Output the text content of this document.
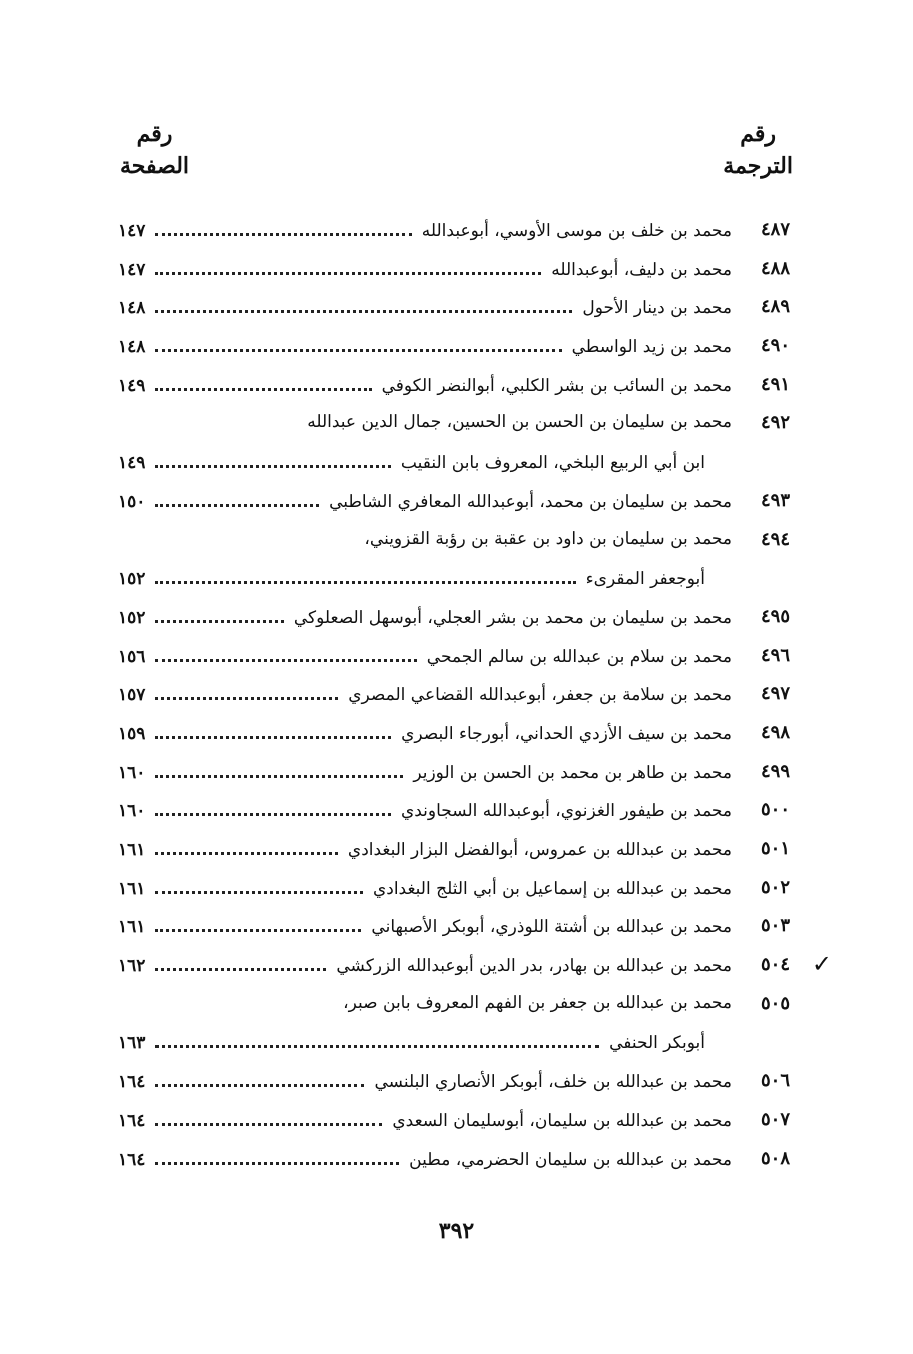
رقم
الترجمة
رقم
الصفحة
٤٨٧
محمد بن خلف بن موسى الأوسي، أبوعبدالله
١٤٧
٤٨٨
محمد بن دليف، أبوعبدالله
١٤٧
٤٨٩
محمد بن دينار الأحول
١٤٨
٤٩٠
محمد بن زيد الواسطي
١٤٨
٤٩١
محمد بن السائب بن بشر الكلبي، أبوالنضر الكوفي
١٤٩
٤٩٢
محمد بن سليمان بن الحسن بن الحسين، جمال الدين عبدالله
ابن أبي الربيع البلخي، المعروف بابن النقيب
١٤٩
٤٩٣
محمد بن سليمان بن محمد، أبوعبدالله المعافري الشاطبي
١٥٠
٤٩٤
محمد بن سليمان بن داود بن عقبة بن رؤبة القزويني،
أبوجعفر المقرىء
١٥٢
٤٩٥
محمد بن سليمان بن محمد بن بشر العجلي، أبوسهل الصعلوكي
١٥٢
٤٩٦
محمد بن سلام بن عبدالله بن سالم الجمحي
١٥٦
٤٩٧
محمد بن سلامة بن جعفر، أبوعبدالله القضاعي المصري
١٥٧
٤٩٨
محمد بن سيف الأزدي الحداني، أبورجاء البصري
١٥٩
٤٩٩
محمد بن طاهر بن محمد بن الحسن بن الوزير
١٦٠
٥٠٠
محمد بن طيفور الغزنوي، أبوعبدالله السجاوندي
١٦٠
٥٠١
محمد بن عبدالله بن عمروس، أبوالفضل البزار البغدادي
١٦١
٥٠٢
محمد بن عبدالله بن إسماعيل بن أبي الثلج البغدادي
١٦١
٥٠٣
محمد بن عبدالله بن أشتة اللوذري، أبوبكر الأصبهاني
١٦١
٥٠٤ ✓
محمد بن عبدالله بن بهادر، بدر الدين أبوعبدالله الزركشي
١٦٢
٥٠٥
محمد بن عبدالله بن جعفر بن الفهم المعروف بابن صبر،
أبوبكر الحنفي
١٦٣
٥٠٦
محمد بن عبدالله بن خلف، أبوبكر الأنصاري البلنسي
١٦٤
٥٠٧
محمد بن عبدالله بن سليمان، أبوسليمان السعدي
١٦٤
٥٠٨
محمد بن عبدالله بن سليمان الحضرمي، مطين
١٦٤
٣٩٢
